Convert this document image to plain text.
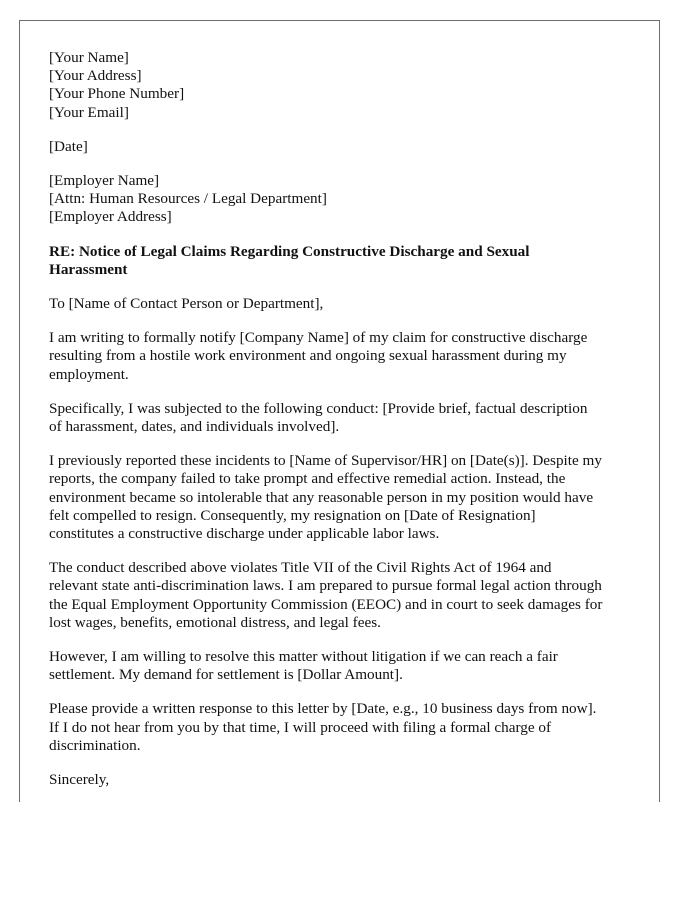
[Your Name]
[Your Address]
[Your Phone Number]
[Your Email]
[Date]
[Employer Name]
[Attn: Human Resources / Legal Department]
[Employer Address]
RE: Notice of Legal Claims Regarding Constructive Discharge and Sexual
Harassment
To [Name of Contact Person or Department],

I am writing to formally notify [Company Name] of my claim for constructive discharge
resulting from a hostile work environment and ongoing sexual harassment during my
employment.

Specifically, I was subjected to the following conduct: [Provide brief, factual description
of harassment, dates, and individuals involved].

I previously reported these incidents to [Name of Supervisor/HR] on [Date(s)]. Despite my
reports, the company failed to take prompt and effective remedial action. Instead, the
environment became so intolerable that any reasonable person in my position would have
felt compelled to resign. Consequently, my resignation on [Date of Resignation]
constitutes a constructive discharge under applicable labor laws.

The conduct described above violates Title VII of the Civil Rights Act of 1964 and
relevant state anti-discrimination laws. I am prepared to pursue formal legal action through
the Equal Employment Opportunity Commission (EEOC) and in court to seek damages for
lost wages, benefits, emotional distress, and legal fees.

However, I am willing to resolve this matter without litigation if we can reach a fair
settlement. My demand for settlement is [Dollar Amount].

Please provide a written response to this letter by [Date, e.g., 10 business days from now].
If I do not hear from you by that time, I will proceed with filing a formal charge of
discrimination.

Sincerely,
